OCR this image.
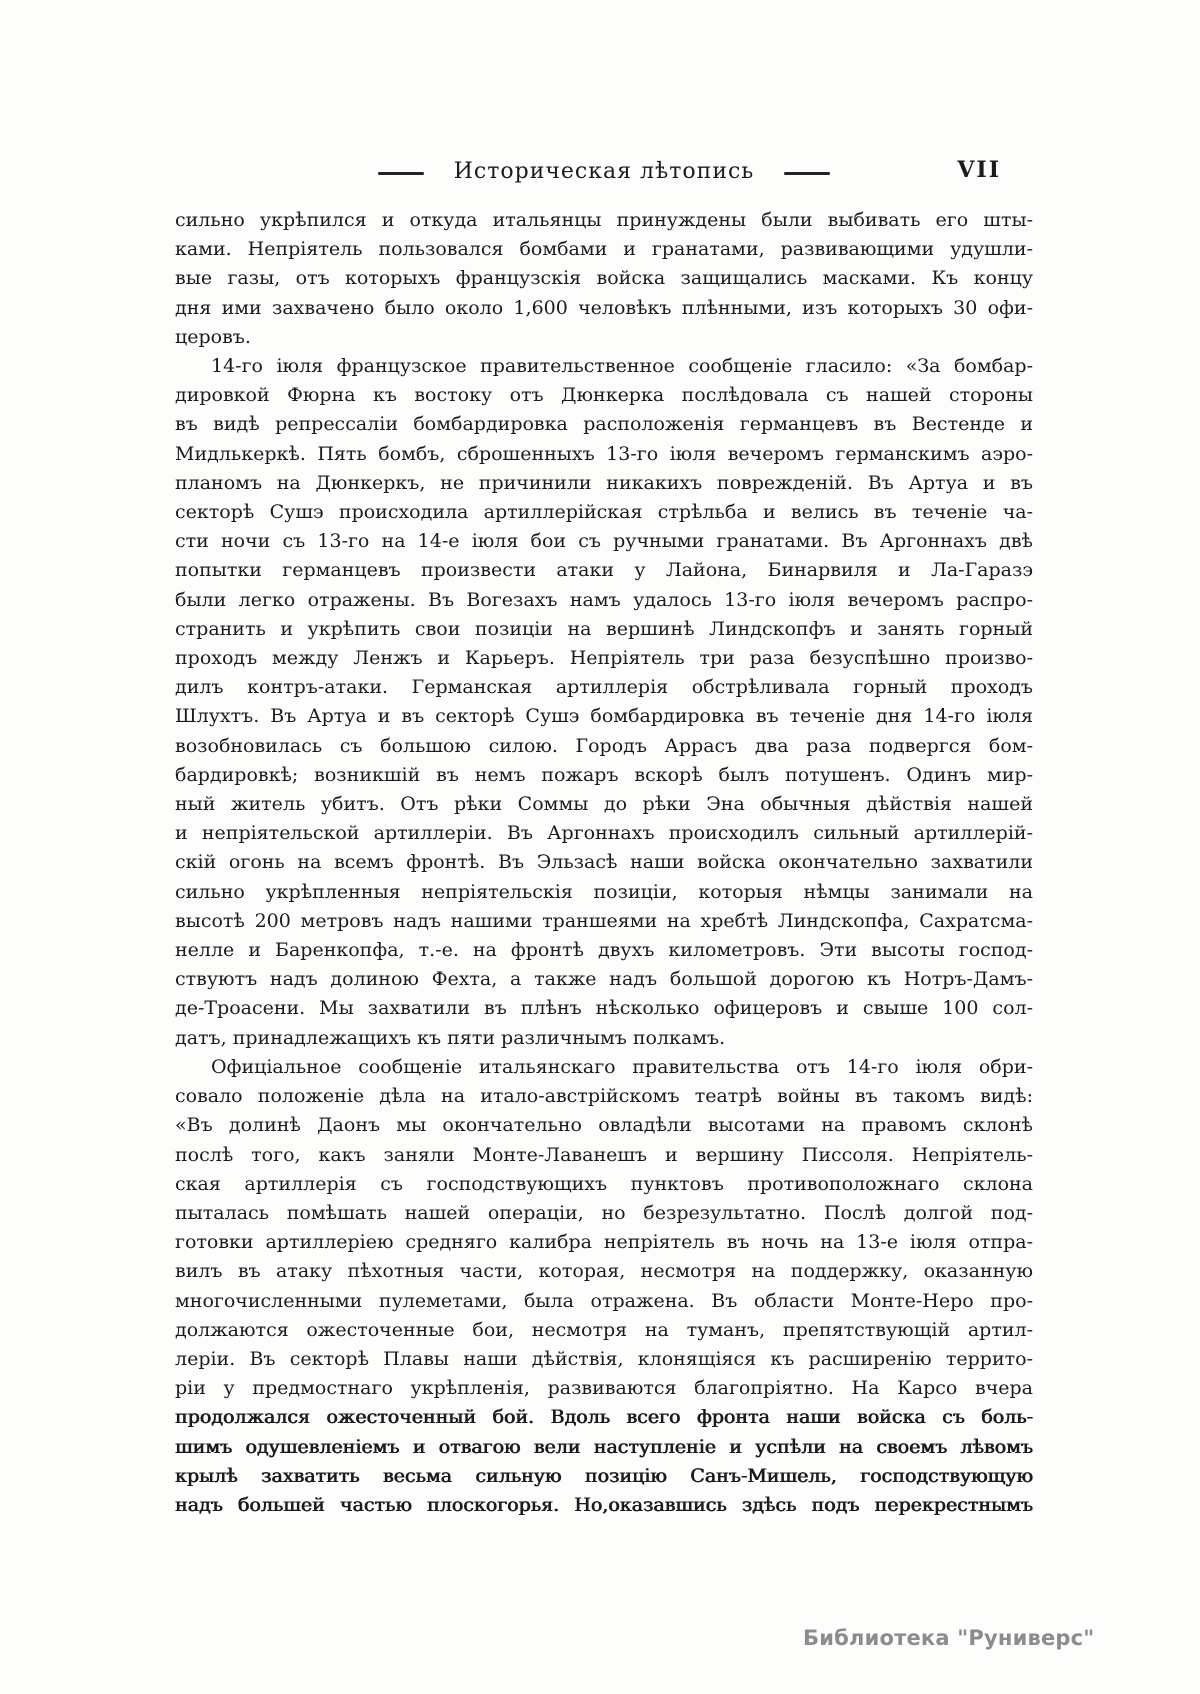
Историческая лѣтопись	VII
сильно укрѣпился и откуда итальянцы принуждены были выбивать его шты-
ками. Непріятель пользовался бомбами и гранатами, развивающими удушли-
вые газы, отъ которыхъ французскія войска защищались масками. Къ концу
дня ими захвачено было около 1,600 человѣкъ плѣнными, изъ которыхъ 30 офи-
церовъ.
14-го іюля французское правительственное сообщеніе гласило: «За бомбар-
дировкой Фюрна къ востоку отъ Дюнкерка послѣдовала съ нашей стороны
въ видѣ репрессаліи бомбардировка расположенія германцевъ въ Вестенде и
Мидлькеркѣ. Пять бомбъ, сброшенныхъ 13-го іюля вечеромъ германскимъ аэро-
планомъ на Дюнкеркъ, не причинили никакихъ поврежденій. Въ Артуа и въ
секторѣ Сушэ происходила артиллерійская стрѣльба и велись въ теченіе ча-
сти ночи съ 13-го на 14-е іюля бои съ ручными гранатами. Въ Аргоннахъ двѣ
попытки германцевъ произвести атаки у Лайона, Бинарвиля и Ла-Гаразэ
были легко отражены. Въ Вогезахъ намъ удалось 13-го іюля вечеромъ распро-
странить и укрѣпить свои позиціи на вершинѣ Линдскопфъ и занять горный
проходъ между Ленжъ и Карьеръ. Непріятель три раза безуспѣшно произво-
дилъ контръ-атаки. Германская артиллерія обстрѣливала горный проходъ
Шлухтъ. Въ Артуа и въ секторѣ Сушэ бомбардировка въ теченіе дня 14-го іюля
возобновилась съ большою силою. Городъ Аррасъ два раза подвергся бом-
бардировкѣ; возникшій въ немъ пожаръ вскорѣ былъ потушенъ. Одинъ мир-
ный житель убитъ. Отъ рѣки Соммы до рѣки Эна обычныя дѣйствія нашей
и непріятельской артиллеріи. Въ Аргоннахъ происходилъ сильный артиллерій-
скій огонь на всемъ фронтѣ. Въ Эльзасѣ наши войска окончательно захватили
сильно укрѣпленныя непріятельскія позиціи, которыя нѣмцы занимали на
высотѣ 200 метровъ надъ нашими траншеями на хребтѣ Линдскопфа, Сахратсма-
нелле и Баренкопфа, т.-е. на фронтѣ двухъ километровъ. Эти высоты господ-
ствуютъ надъ долиною Фехта, а также надъ большой дорогою къ Нотръ-Дамъ-
де-Троасени. Мы захватили въ плѣнъ нѣсколько офицеровъ и свыше 100 сол-
датъ, принадлежащихъ къ пяти различнымъ полкамъ.
Офиціальное сообщеніе итальянскаго правительства отъ 14-го іюля обри-
совало положеніе дѣла на итало-австрійскомъ театрѣ войны въ такомъ видѣ:
«Въ долинѣ Даонъ мы окончательно овладѣли высотами на правомъ склонѣ
послѣ того, какъ заняли Монте-Лаванешъ и вершину Писсоля. Непріятель-
ская артиллерія съ господствующихъ пунктовъ противоположнаго склона
пыталась помѣшать нашей операціи, но безрезультатно. Послѣ долгой под-
готовки артиллеріею средняго калибра непріятель въ ночь на 13-е іюля отпра-
вилъ въ атаку пѣхотныя части, которая, несмотря на поддержку, оказанную
многочисленными пулеметами, была отражена. Въ области Монте-Неро про-
должаются ожесточенные бои, несмотря на туманъ, препятствующій артил-
леріи. Въ секторѣ Плавы наши дѣйствія, клонящіяся къ расширенію террито-
ріи у предмостнаго укрѣпленія, развиваются благопріятно. На Карсо вчера
продолжался ожесточенный бой. Вдоль всего фронта наши войска съ боль-
шимъ одушевленіемъ и отвагою вели наступленіе и успѣли на своемъ лѣвомъ
крылѣ захватить весьма сильную позицію Санъ-Мишель, господствующую
надъ большей частью плоскогорья. Но,оказавшись здѣсь подъ перекрестнымъ
Библиотека "Руниверс"
